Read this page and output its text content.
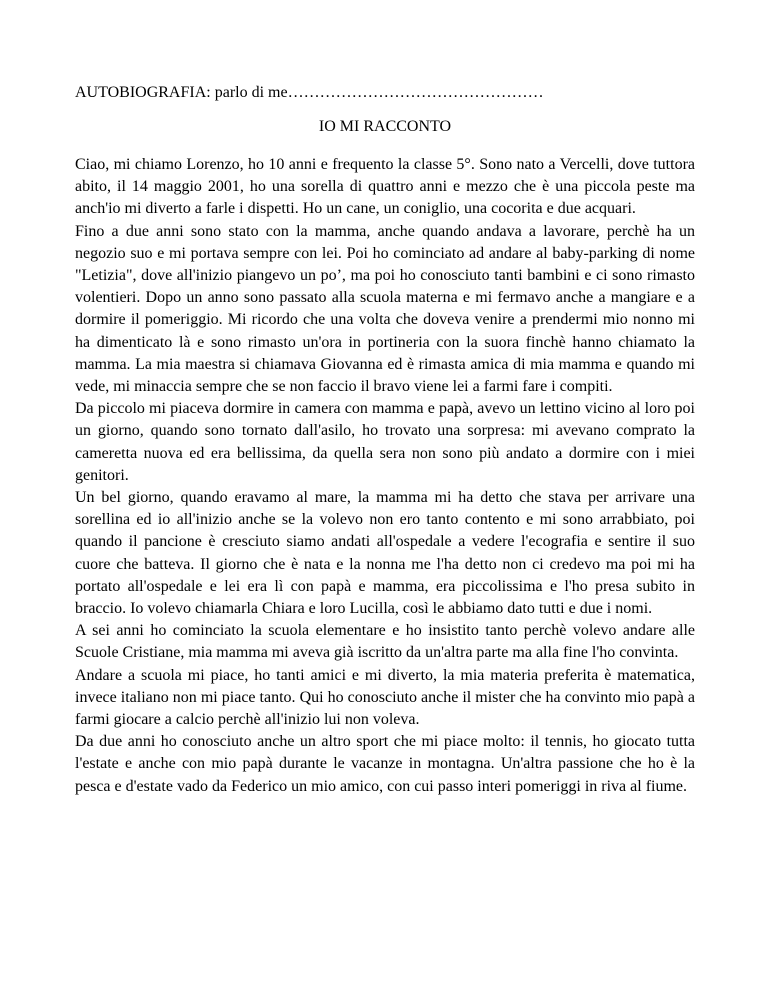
AUTOBIOGRAFIA: parlo di me…………………………………………
IO MI RACCONTO

Ciao, mi chiamo Lorenzo, ho 10 anni e frequento la classe 5°. Sono nato a Vercelli, dove tuttora abito, il 14 maggio 2001, ho una sorella di quattro anni e mezzo che è una piccola peste ma anch'io mi diverto a farle i dispetti. Ho un cane, un coniglio, una cocorita e due acquari.

Fino a due anni sono stato con la mamma, anche quando andava a lavorare, perchè ha un negozio suo e mi portava sempre con lei. Poi ho cominciato ad andare al baby-parking di nome "Letizia", dove all'inizio piangevo un po’, ma poi ho conosciuto tanti bambini e ci sono rimasto volentieri. Dopo un anno sono passato alla scuola materna e mi fermavo anche a mangiare e a dormire il pomeriggio. Mi ricordo che una volta che doveva venire a prendermi mio nonno mi ha dimenticato là e sono rimasto un'ora in portineria con la suora finchè hanno chiamato la mamma. La mia maestra si chiamava Giovanna ed è rimasta amica di mia mamma e quando mi vede, mi minaccia sempre che se non faccio il bravo viene lei a farmi fare i compiti.

Da piccolo mi piaceva dormire in camera con mamma e papà, avevo un lettino vicino al loro poi un giorno, quando sono tornato dall'asilo, ho trovato una sorpresa: mi avevano comprato la cameretta nuova ed era bellissima, da quella sera non sono più andato a dormire con i miei genitori.

Un bel giorno, quando eravamo al mare, la mamma mi ha detto che stava per arrivare una sorellina ed io all'inizio anche se la volevo non ero tanto contento e mi sono arrabbiato, poi quando il pancione è cresciuto siamo andati all'ospedale a vedere l'ecografia e sentire il suo cuore che batteva. Il giorno che è nata e la nonna me l'ha detto non ci credevo ma poi mi ha portato all'ospedale e lei era lì con papà e mamma, era piccolissima e l'ho presa subito in braccio. Io volevo chiamarla Chiara e loro Lucilla, così le abbiamo dato tutti e due i nomi.

A sei anni ho cominciato la scuola elementare e ho insistito tanto perchè volevo andare alle Scuole Cristiane, mia mamma mi aveva già iscritto da un'altra parte ma alla fine l'ho convinta.

Andare a scuola mi piace, ho tanti amici e mi diverto, la mia materia preferita è matematica, invece italiano non mi piace tanto. Qui ho conosciuto anche il mister che ha convinto mio papà a farmi giocare a calcio perchè all'inizio lui non voleva.

Da due anni ho conosciuto anche un altro sport che mi piace molto: il tennis, ho giocato tutta l'estate e anche con mio papà durante le vacanze in montagna. Un'altra passione che ho è la pesca e d'estate vado da Federico un mio amico, con cui passo interi pomeriggi in riva al fiume.
